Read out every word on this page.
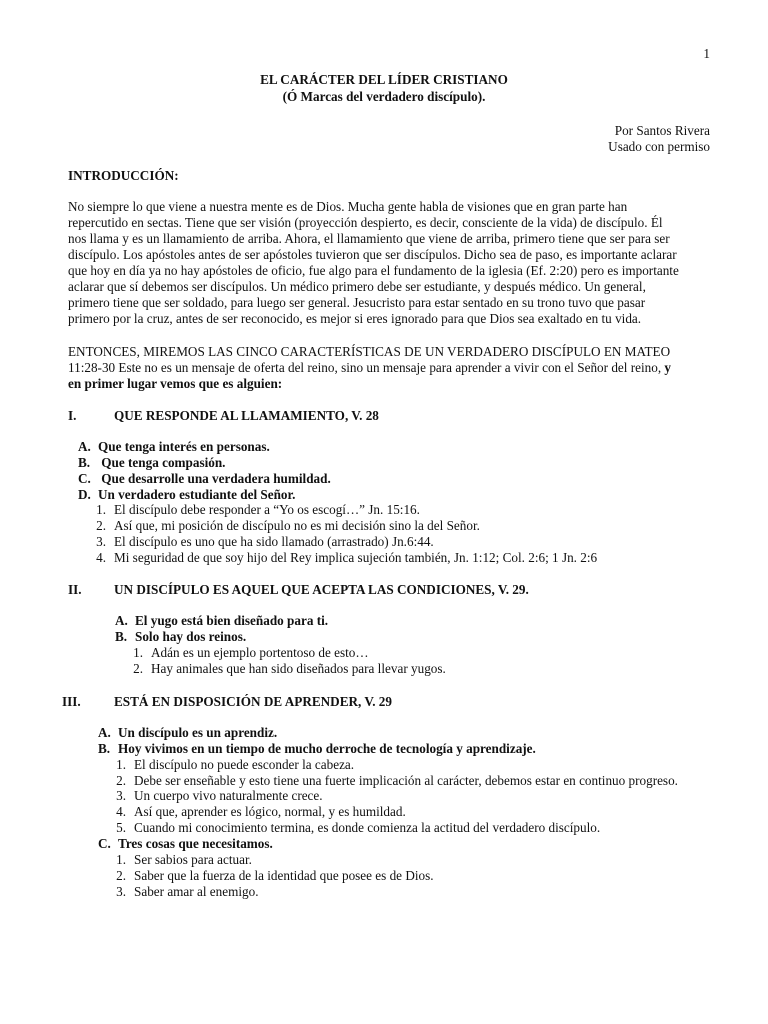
1
EL CARÁCTER DEL LÍDER CRISTIANO
(Ó Marcas del verdadero discípulo).
Por Santos Rivera
Usado con permiso
INTRODUCCIÓN:

No siempre lo que viene a nuestra mente es de Dios. Mucha gente habla de visiones que en gran parte han

repercutido en sectas. Tiene que ser visión (proyección despierto, es decir, consciente de la vida) de discípulo. Él

nos llama y es un llamamiento de arriba. Ahora, el llamamiento que viene de arriba, primero tiene que ser para ser

discípulo. Los apóstoles antes de ser apóstoles tuvieron que ser discípulos. Dicho sea de paso, es importante aclarar

que hoy en día ya no hay apóstoles de oficio, fue algo para el fundamento de la iglesia (Ef. 2:20) pero es importante

aclarar que sí debemos ser discípulos. Un médico primero debe ser estudiante, y después médico. Un general,

primero tiene que ser soldado, para luego ser general. Jesucristo para estar sentado en su trono tuvo que pasar

primero por la cruz, antes de ser reconocido, es mejor si eres ignorado para que Dios sea exaltado en tu vida.

ENTONCES, MIREMOS LAS CINCO CARACTERÍSTICAS DE UN VERDADERO DISCÍPULO EN MATEO

11:28-30 Este no es un mensaje de oferta del reino, sino un mensaje para aprender a vivir con el Señor del reino, y

en primer lugar vemos que es alguien:

I.	QUE RESPONDE AL LLAMAMIENTO, V. 28
A. Que tenga interés en personas.
B. Que tenga compasión.
C. Que desarrolle una verdadera humildad.
D. Un verdadero estudiante del Señor.
1. El discípulo debe responder a “Yo os escogí…” Jn. 15:16.
2. Así que, mi posición de discípulo no es mi decisión sino la del Señor.
3. El discípulo es uno que ha sido llamado (arrastrado) Jn.6:44.
4. Mi seguridad de que soy hijo del Rey implica sujeción también, Jn. 1:12; Col. 2:6; 1 Jn. 2:6
II. UN DISCÍPULO ES AQUEL QUE ACEPTA LAS CONDICIONES, V. 29.
A. El yugo está bien diseñado para ti.
B. Solo hay dos reinos.
1. Adán es un ejemplo portentoso de esto…
2. Hay animales que han sido diseñados para llevar yugos.
III.	ESTÁ EN DISPOSICIÓN DE APRENDER, V. 29
A. Un discípulo es un aprendiz.
B. Hoy vivimos en un tiempo de mucho derroche de tecnología y aprendizaje.
1. El discípulo no puede esconder la cabeza.
2. Debe ser enseñable y esto tiene una fuerte implicación al carácter, debemos estar en continuo progreso.
3. Un cuerpo vivo naturalmente crece.
4. Así que, aprender es lógico, normal, y es humildad.
5. Cuando mi conocimiento termina, es donde comienza la actitud del verdadero discípulo.
C. Tres cosas que necesitamos.
1. Ser sabios para actuar.
2. Saber que la fuerza de la identidad que posee es de Dios.
3. Saber amar al enemigo.
